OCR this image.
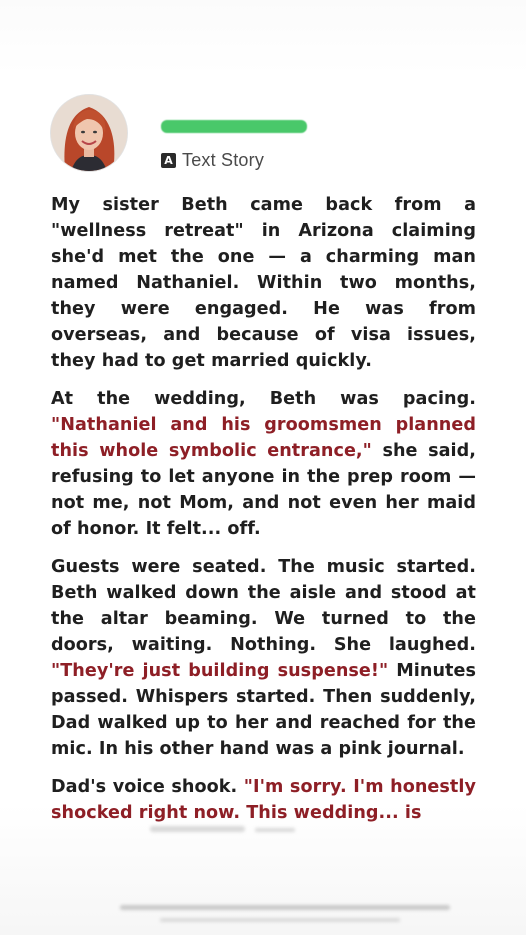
A Text Story

My sister Beth came back from a "wellness retreat" in Arizona claiming she'd met the one — a charming man named Nathaniel. Within two months, they were engaged. He was from overseas, and because of visa issues, they had to get married quickly.

At the wedding, Beth was pacing. "Nathaniel and his groomsmen planned this whole symbolic entrance," she said, refusing to let anyone in the prep room — not me, not Mom, and not even her maid of honor. It felt... off.

Guests were seated. The music started. Beth walked down the aisle and stood at the altar beaming. We turned to the doors, waiting. Nothing. She laughed. "They're just building suspense!" Minutes passed. Whispers started. Then suddenly, Dad walked up to her and reached for the mic. In his other hand was a pink journal.

Dad's voice shook. "I'm sorry. I'm honestly shocked right now. This wedding... is
